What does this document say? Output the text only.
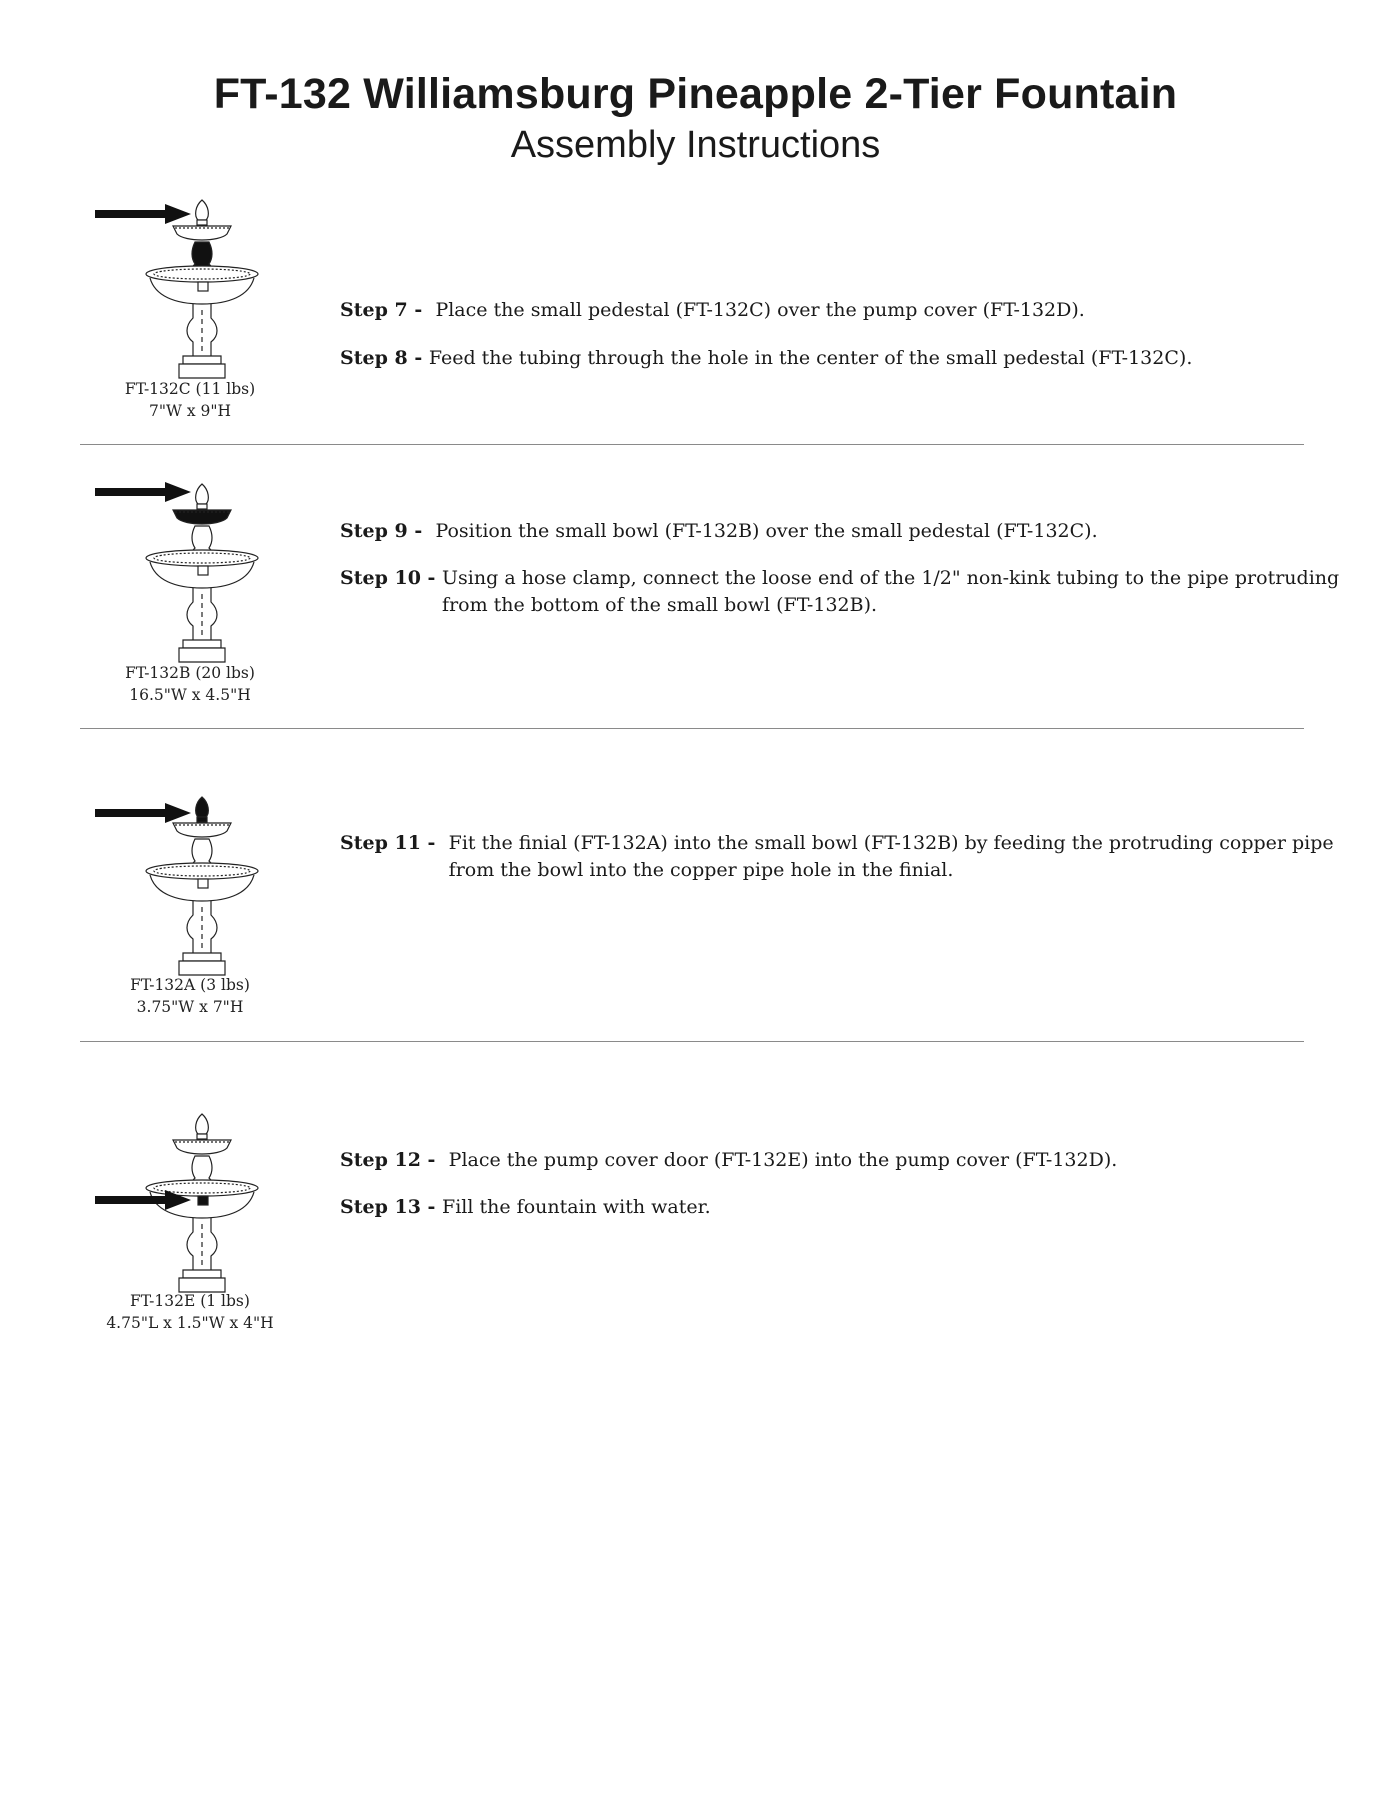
FT-132 Williamsburg Pineapple 2-Tier Fountain
Assembly Instructions
FT-132C (11 lbs)
7"W x 9"H
Step 7 - Place the small pedestal (FT-132C) over the pump cover (FT-132D).
Step 8 - Feed the tubing through the hole in the center of the small pedestal (FT-132C).
FT-132B (20 lbs)
16.5"W x 4.5"H
Step 9 - Position the small bowl (FT-132B) over the small pedestal (FT-132C).
Step 10 - Using a hose clamp, connect the loose end of the 1/2" non-kink tubing to the pipe protruding from the bottom of the small bowl (FT-132B).
FT-132A (3 lbs)
3.75"W x 7"H
Step 11 - Fit the finial (FT-132A) into the small bowl (FT-132B) by feeding the protruding copper pipe from the bowl into the copper pipe hole in the finial.
FT-132E (1 lbs)
4.75"L x 1.5"W x 4"H
Step 12 - Place the pump cover door (FT-132E) into the pump cover (FT-132D).
Step 13 - Fill the fountain with water.
